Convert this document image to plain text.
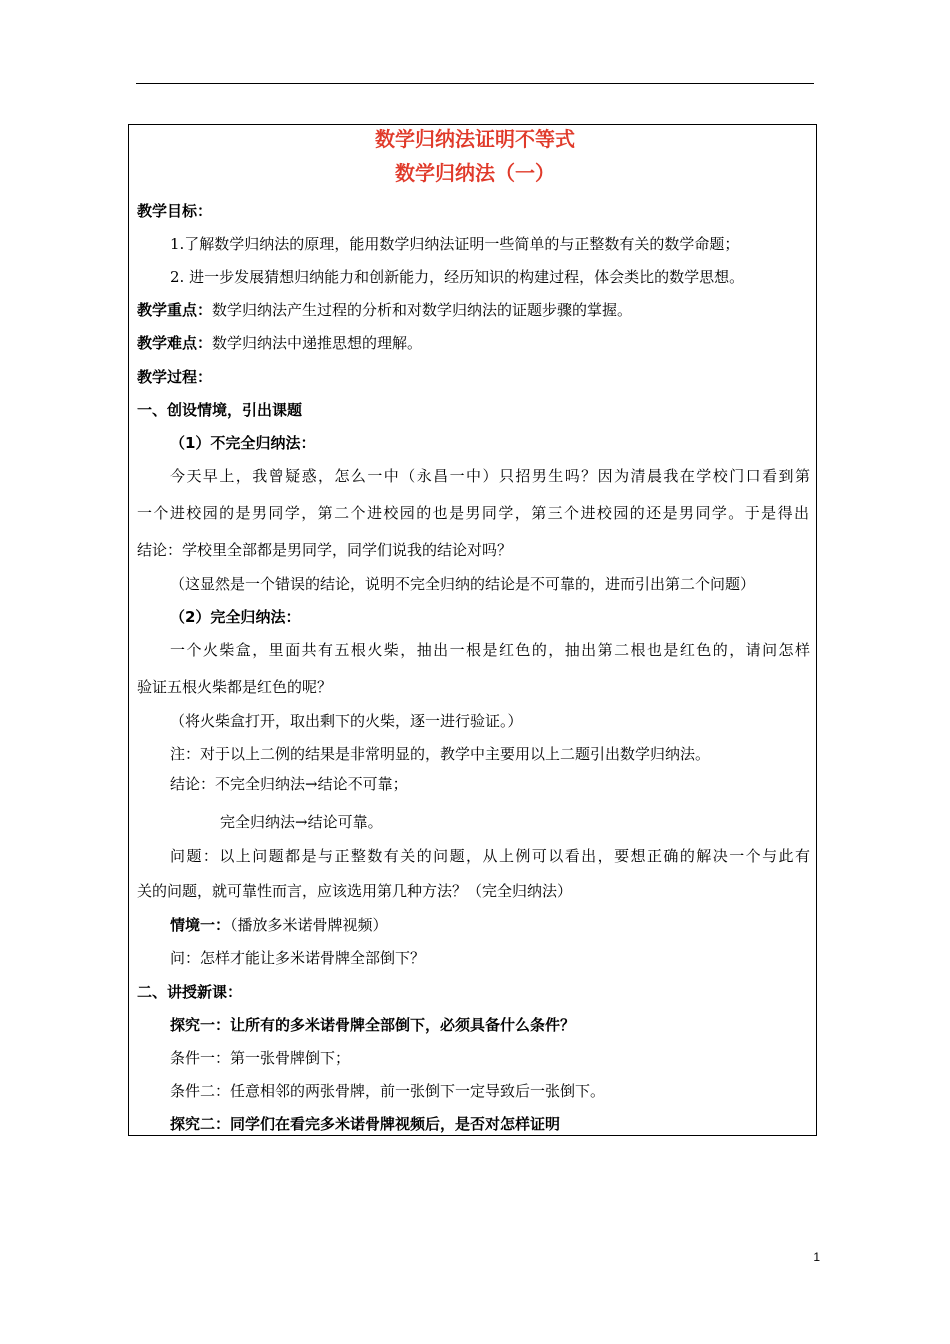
数学归纳法证明不等式
数学归纳法（一）
教学目标：
1.了解数学归纳法的原理，能用数学归纳法证明一些简单的与正整数有关的数学命题；
2. 进一步发展猜想归纳能力和创新能力，经历知识的构建过程，体会类比的数学思想。
教学重点：数学归纳法产生过程的分析和对数学归纳法的证题步骤的掌握。
教学难点：数学归纳法中递推思想的理解。
教学过程：
一、创设情境，引出课题
（1）不完全归纳法：
今天早上，我曾疑惑，怎么一中（永昌一中）只招男生吗？因为清晨我在学校门口看到第
一个进校园的是男同学，第二个进校园的也是男同学，第三个进校园的还是男同学。于是得出
结论：学校里全部都是男同学，同学们说我的结论对吗？
（这显然是一个错误的结论，说明不完全归纳的结论是不可靠的，进而引出第二个问题）
（2）完全归纳法：
一个火柴盒，里面共有五根火柴，抽出一根是红色的，抽出第二根也是红色的，请问怎样
验证五根火柴都是红色的呢？
（将火柴盒打开，取出剩下的火柴，逐一进行验证。）
注：对于以上二例的结果是非常明显的，教学中主要用以上二题引出数学归纳法。
结论：不完全归纳法→结论不可靠；
完全归纳法→结论可靠。
问题：以上问题都是与正整数有关的问题，从上例可以看出，要想正确的解决一个与此有
关的问题，就可靠性而言，应该选用第几种方法？（完全归纳法）
情境一：（播放多米诺骨牌视频）
问：怎样才能让多米诺骨牌全部倒下？
二、讲授新课：
探究一：让所有的多米诺骨牌全部倒下，必须具备什么条件？
条件一：第一张骨牌倒下；
条件二：任意相邻的两张骨牌，前一张倒下一定导致后一张倒下。
探究二：同学们在看完多米诺骨牌视频后，是否对怎样证明
1
